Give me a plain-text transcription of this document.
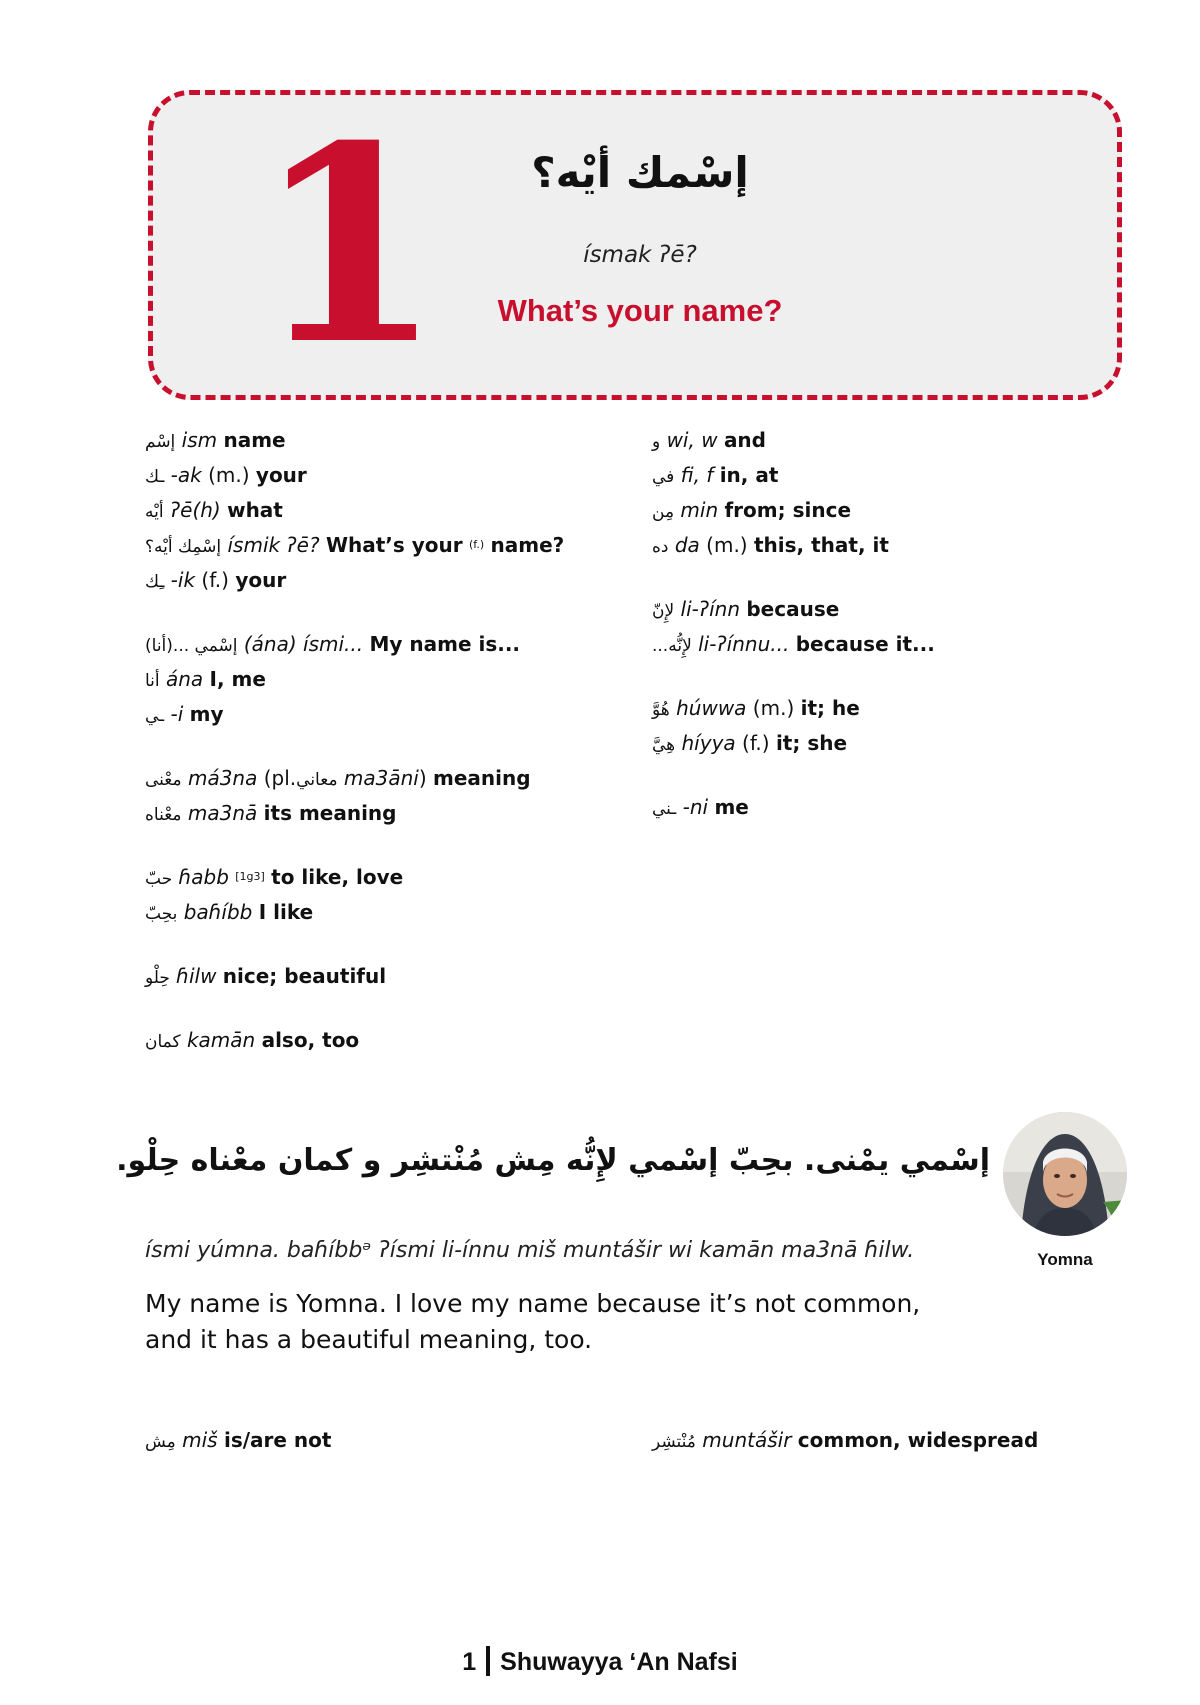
1	إسْمك أيْه؟
ísmak ʔē?
What’s your name?
إسْم ism name
ـك -ak (m.) your
أيْه ʔē(h) what
إسْمِك أيْه؟ ísmik ʔē? What’s your $^{(f.)}$ name?
ـِك -ik (f.) your
(أنا)... إسْمي (ána) ísmi... My name is...
أنا ána I, me
ـي -i my
معْنى má3na (pl.معاني ma3āni) meaning
معْناه ma3nā its meaning
حبّ ɦabb [1g3] to like, love
بحِبّ baɦíbb I like
حِلْو ɦilw nice; beautiful
كمان kamān also, too
و wi, w and
في fi, f in, at
مِن min from; since
ده da (m.) this, that, it
لإِنّ li-ʔínn because
...لإِنُّه li-ʔínnu... because it...
هُوَّ húwwa (m.) it; he
هِيَّ híyya (f.) it; she
ـني -ni me
Yomna
إسْمي يمْنى. بحِبّ إسْمي لإِنُّه مِش مُنْتشِر و كمان معْناه حِلْو.
ísmi yúmna. baɦíbbᵊ ʔísmi li-ínnu miš muntášir wi kamān ma3nā ɦilw.
My name is Yomna. I love my name because it’s not common, and it has a beautiful meaning, too.
مِش miš is/are not	مُنْتشِر muntášir common, widespread
1 Shuwayya ʻAn Nafsi
